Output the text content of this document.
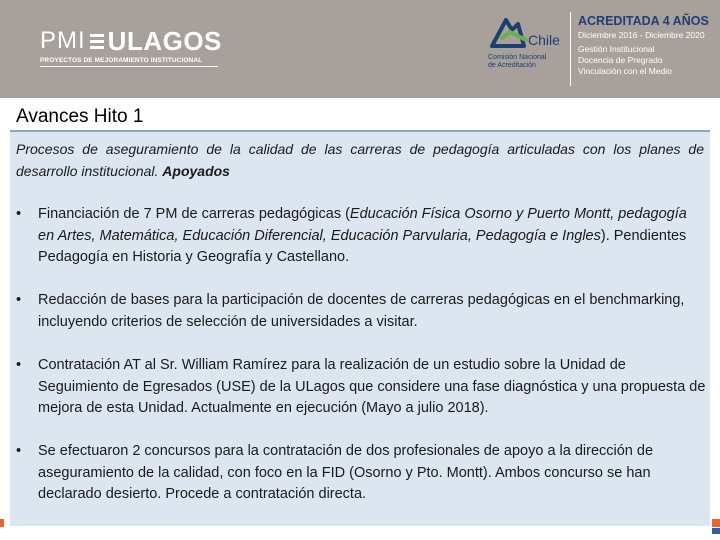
PMI ULAGOS
PROYECTOS DE MEJORAMIENTO INSTITUCIONAL
Chile
Comisión Nacional
de Acreditación
ACREDITADA 4 AÑOS
Diciembre 2016 - Diciembre 2020
Gestión Institucional
Docencia de Pregrado
Vinculación con el Medio
Avances Hito 1
Procesos de aseguramiento de la calidad de las carreras de pedagogía articuladas con los planes de desarrollo institucional. Apoyados
• Financiación de 7 PM de carreras pedagógicas (Educación Física Osorno y Puerto Montt, pedagogía en Artes, Matemática, Educación Diferencial, Educación Parvularia, Pedagogía e Ingles). Pendientes Pedagogía en Historia y Geografía y Castellano.
• Redacción de bases para la participación de docentes de carreras pedagógicas en el benchmarking, incluyendo criterios de selección de universidades a visitar.
• Contratación AT al Sr. William Ramírez para la realización de un estudio sobre la Unidad de Seguimiento de Egresados (USE) de la ULagos que considere una fase diagnóstica y una propuesta de mejora de esta Unidad. Actualmente en ejecución (Mayo a julio 2018).
• Se efectuaron 2 concursos para la contratación de dos profesionales de apoyo a la dirección de aseguramiento de la calidad, con foco en la FID (Osorno y Pto. Montt). Ambos concurso se han declarado desierto. Procede a contratación directa.
